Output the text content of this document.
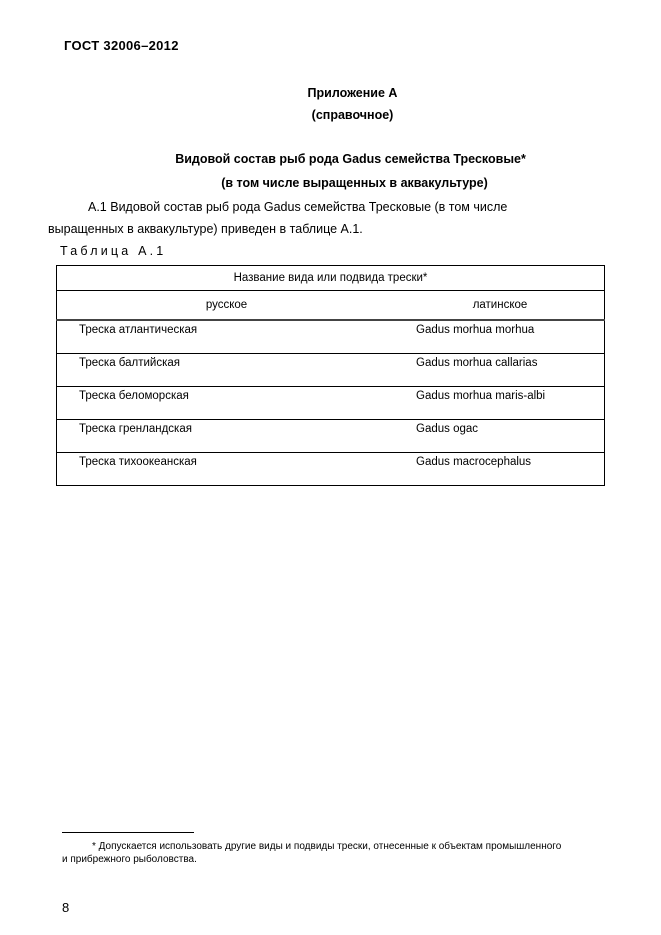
ГОСТ 32006–2012
Приложение А
(справочное)
Видовой состав рыб рода Gadus семейства Тресковые*
(в том числе выращенных в аквакультуре)
А.1 Видовой состав рыб рода Gadus семейства Тресковые (в том числе выращенных в аквакультуре) приведен в таблице А.1.
Таблица А.1
Название вида или подвида трески*	
русское	латинское
Треска атлантическая	Gadus morhua morhua
Треска балтийская	Gadus morhua callarias
Треска беломорская	Gadus morhua maris-albi
Треска гренландская	Gadus ogac
Треска тихоокеанская	Gadus macrocephalus
* Допускается использовать другие виды и подвиды трески, отнесенные к объектам промышленного и прибрежного рыболовства.
8
